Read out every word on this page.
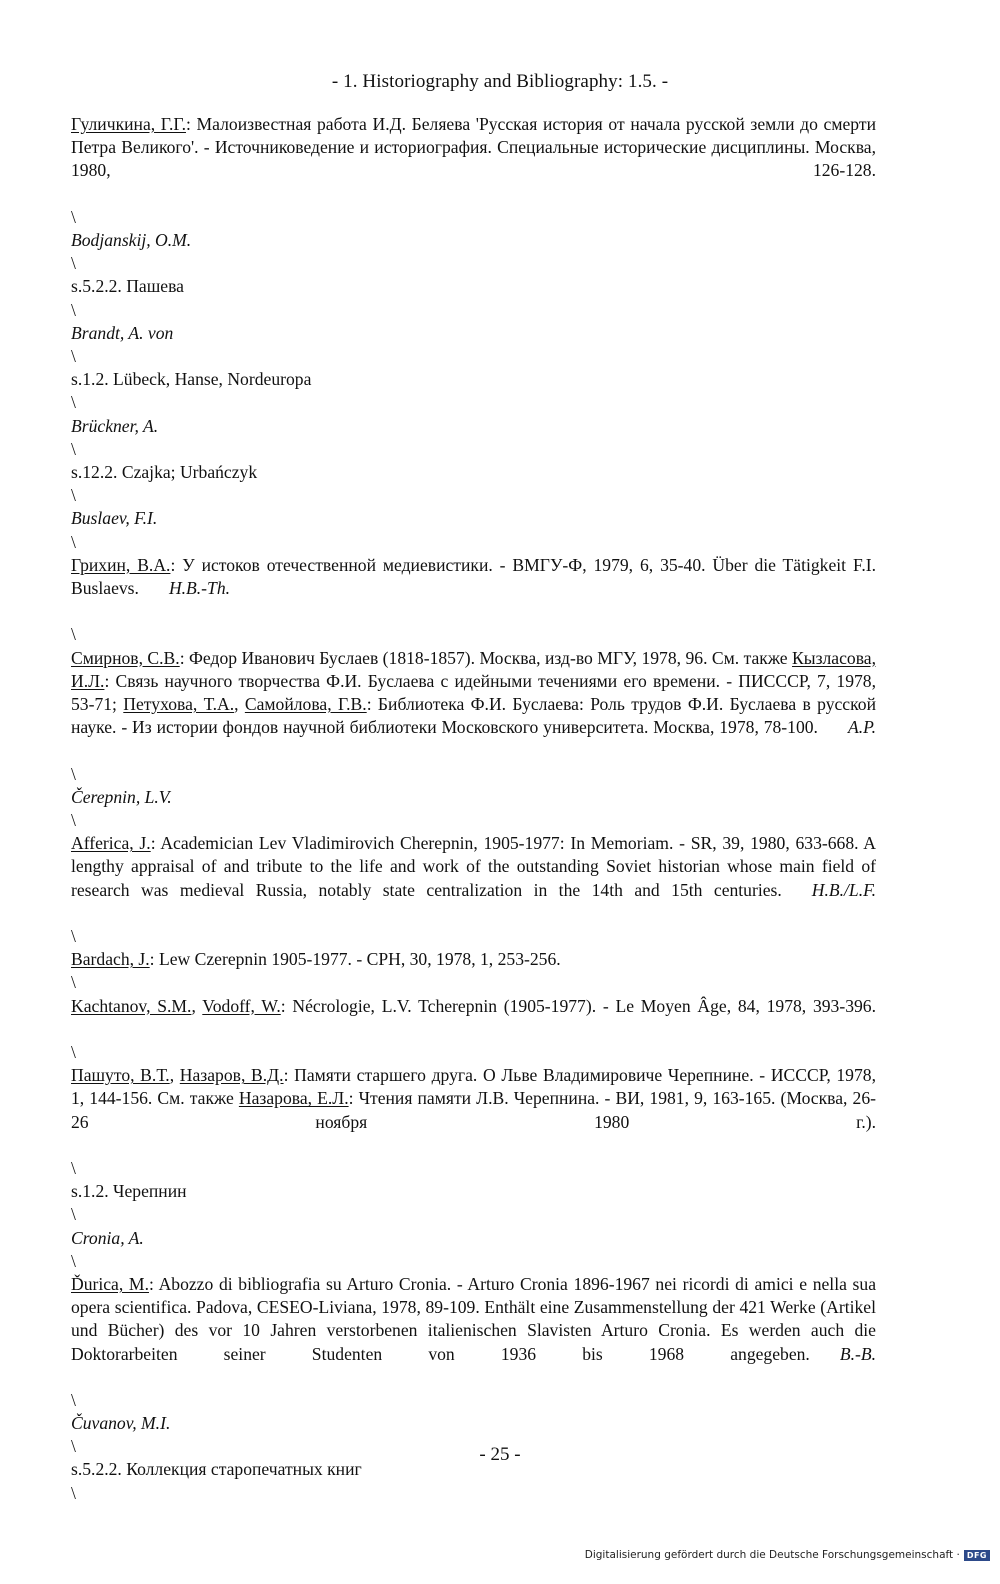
- 1. Historiography and Bibliography: 1.5. -

Гуличкина, Г.Г.: Малоизвестная работа И.Д. Беляева 'Русская история от начала русской земли до смерти Петра Великого'. - Источниковедение и историография. Специальные исторические дисциплины. Москва, 1980, 126-128.

\
Bodjanskij, O.M.
\
s.5.2.2. Пашева
\
Brandt, A. von
\
s.1.2. Lübeck, Hanse, Nordeuropa
\
Brückner, A.
\
s.12.2. Czajka; Urbańczyk
\
Buslaev, F.I.
\

Грихин, В.А.: У истоков отечественной медиевистики. - ВМГУ-Ф, 1979, 6, 35-40. Über die Tätigkeit F.I. Buslaevs. H.B.-Th.

\

Смирнов, С.В.: Федор Иванович Буслаев (1818-1857). Москва, изд-во МГУ, 1978, 96. См. также Кызласова, И.Л.: Связь научного творчества Ф.И. Буслаева с идейными течениями его времени. - ПИСССР, 7, 1978, 53-71; Петухова, Т.А., Самойлова, Г.В.: Библиотека Ф.И. Буслаева: Роль трудов Ф.И. Буслаева в русской науке. - Из истории фондов научной библиотеки Московского университета. Москва, 1978, 78-100. A.P.

\
Čerepnin, L.V.
\

Afferica, J.: Academician Lev Vladimirovich Cherepnin, 1905-1977: In Memoriam. - SR, 39, 1980, 633-668. A lengthy appraisal of and tribute to the life and work of the outstanding Soviet historian whose main field of research was medieval Russia, notably state centralization in the 14th and 15th centuries. H.B./L.F.

\

Bardach, J.: Lew Czerepnin 1905-1977. - CPH, 30, 1978, 1, 253-256.

\

Kachtanov, S.M., Vodoff, W.: Nécrologie, L.V. Tcherepnin (1905-1977). - Le Moyen Âge, 84, 1978, 393-396.

\

Пашуто, В.Т., Назаров, В.Д.: Памяти старшего друга. О Льве Владимировиче Черепнине. - ИСССР, 1978, 1, 144-156. См. также Назарова, Е.Л.: Чтения памяти Л.В. Черепнина. - ВИ, 1981, 9, 163-165. (Москва, 26-26 ноября 1980 г.).

\
s.1.2. Черепнин
\
Cronia, A.
\

Ďurica, M.: Abozzo di bibliografia su Arturo Cronia. - Arturo Cronia 1896-1967 nei ricordi di amici e nella sua opera scientifica. Padova, CESEO-Liviana, 1978, 89-109. Enthält eine Zusammenstellung der 421 Werke (Artikel und Bücher) des vor 10 Jahren verstorbenen italienischen Slavisten Arturo Cronia. Es werden auch die Doktorarbeiten seiner Studenten von 1936 bis 1968 angegeben. B.-B.

\
Čuvanov, M.I.
\
s.5.2.2. Коллекция старопечатных книг
\
- 25 -
Digitalisierung gefördert durch die Deutsche Forschungsgemeinschaft · DFG
